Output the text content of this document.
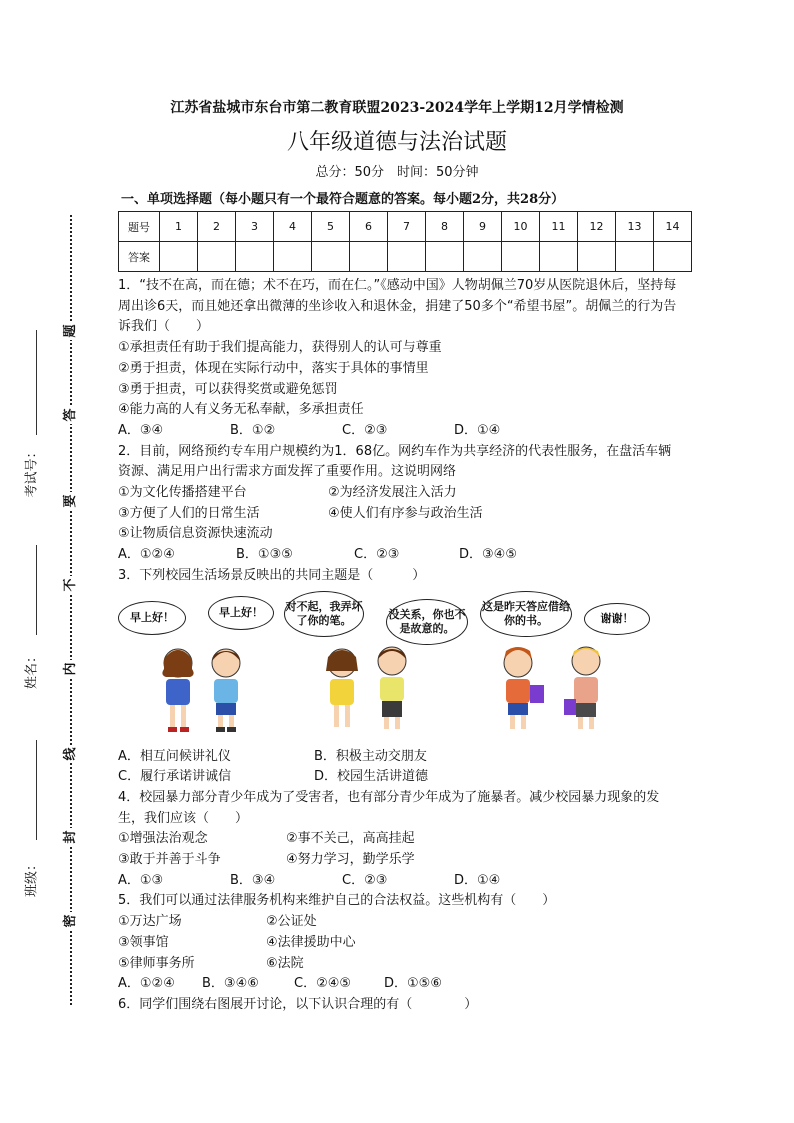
题
答
要
不
内
线
封
密
考试号：
姓名：
班级：
江苏省盐城市东台市第二教育联盟2023-2024学年上学期12月学情检测
八年级道德与法治试题
总分：50分　时间：50分钟
一、单项选择题（每小题只有一个最符合题意的答案。每小题2分，共28分）
题号	1	2	3	4	5	6	7	8	9	10	11	12	13	14
答案														

1．“技不在高，而在德；术不在巧，而在仁。”《感动中国》人物胡佩兰70岁从医院退休后，坚持每周出诊6天，而且她还拿出微薄的坐诊收入和退休金，捐建了50多个“希望书屋”。胡佩兰的行为告诉我们（　　）

①承担责任有助于我们提高能力，获得别人的认可与尊重

②勇于担责，体现在实际行动中，落实于具体的事情里

③勇于担责，可以获得奖赏或避免惩罚

④能力高的人有义务无私奉献，多承担责任

A．③④	B．①②	C．②③	D．①④

2．目前，网络预约专车用户规模约为1．68亿。网约车作为共享经济的代表性服务，在盘活车辆资源、满足用户出行需求方面发挥了重要作用。这说明网络

①为文化传播搭建平台	②为经济发展注入活力
③方便了人们的日常生活	④使人们有序参与政治生活

⑤让物质信息资源快速流动

A．①②④	B．①③⑤	C．②③	D．③④⑤

3．下列校园生活场景反映出的共同主题是（　　　）

早上好！	早上好！	对不起，我弄坏了你的笔。	没关系，你也不是故意的。
这是昨天答应借给你的书。	谢谢！
A．相互问候讲礼仪	B．积极主动交朋友
C．履行承诺讲诚信	D．校园生活讲道德

4．校园暴力部分青少年成为了受害者，也有部分青少年成为了施暴者。减少校园暴力现象的发生，我们应该（　　）

①增强法治观念	②事不关己，高高挂起
③敢于并善于斗争	④努力学习，勤学乐学
A．①③	B．③④	C．②③	D．①④

5．我们可以通过法律服务机构来维护自己的合法权益。这些机构有（　　）

①万达广场	②公证处
③领事馆	④法律援助中心
⑤律师事务所	⑥法院
A．①②④	B．③④⑥	C．②④⑤	D．①⑤⑥

6．同学们围绕右图展开讨论，以下认识合理的有（　　　　）
